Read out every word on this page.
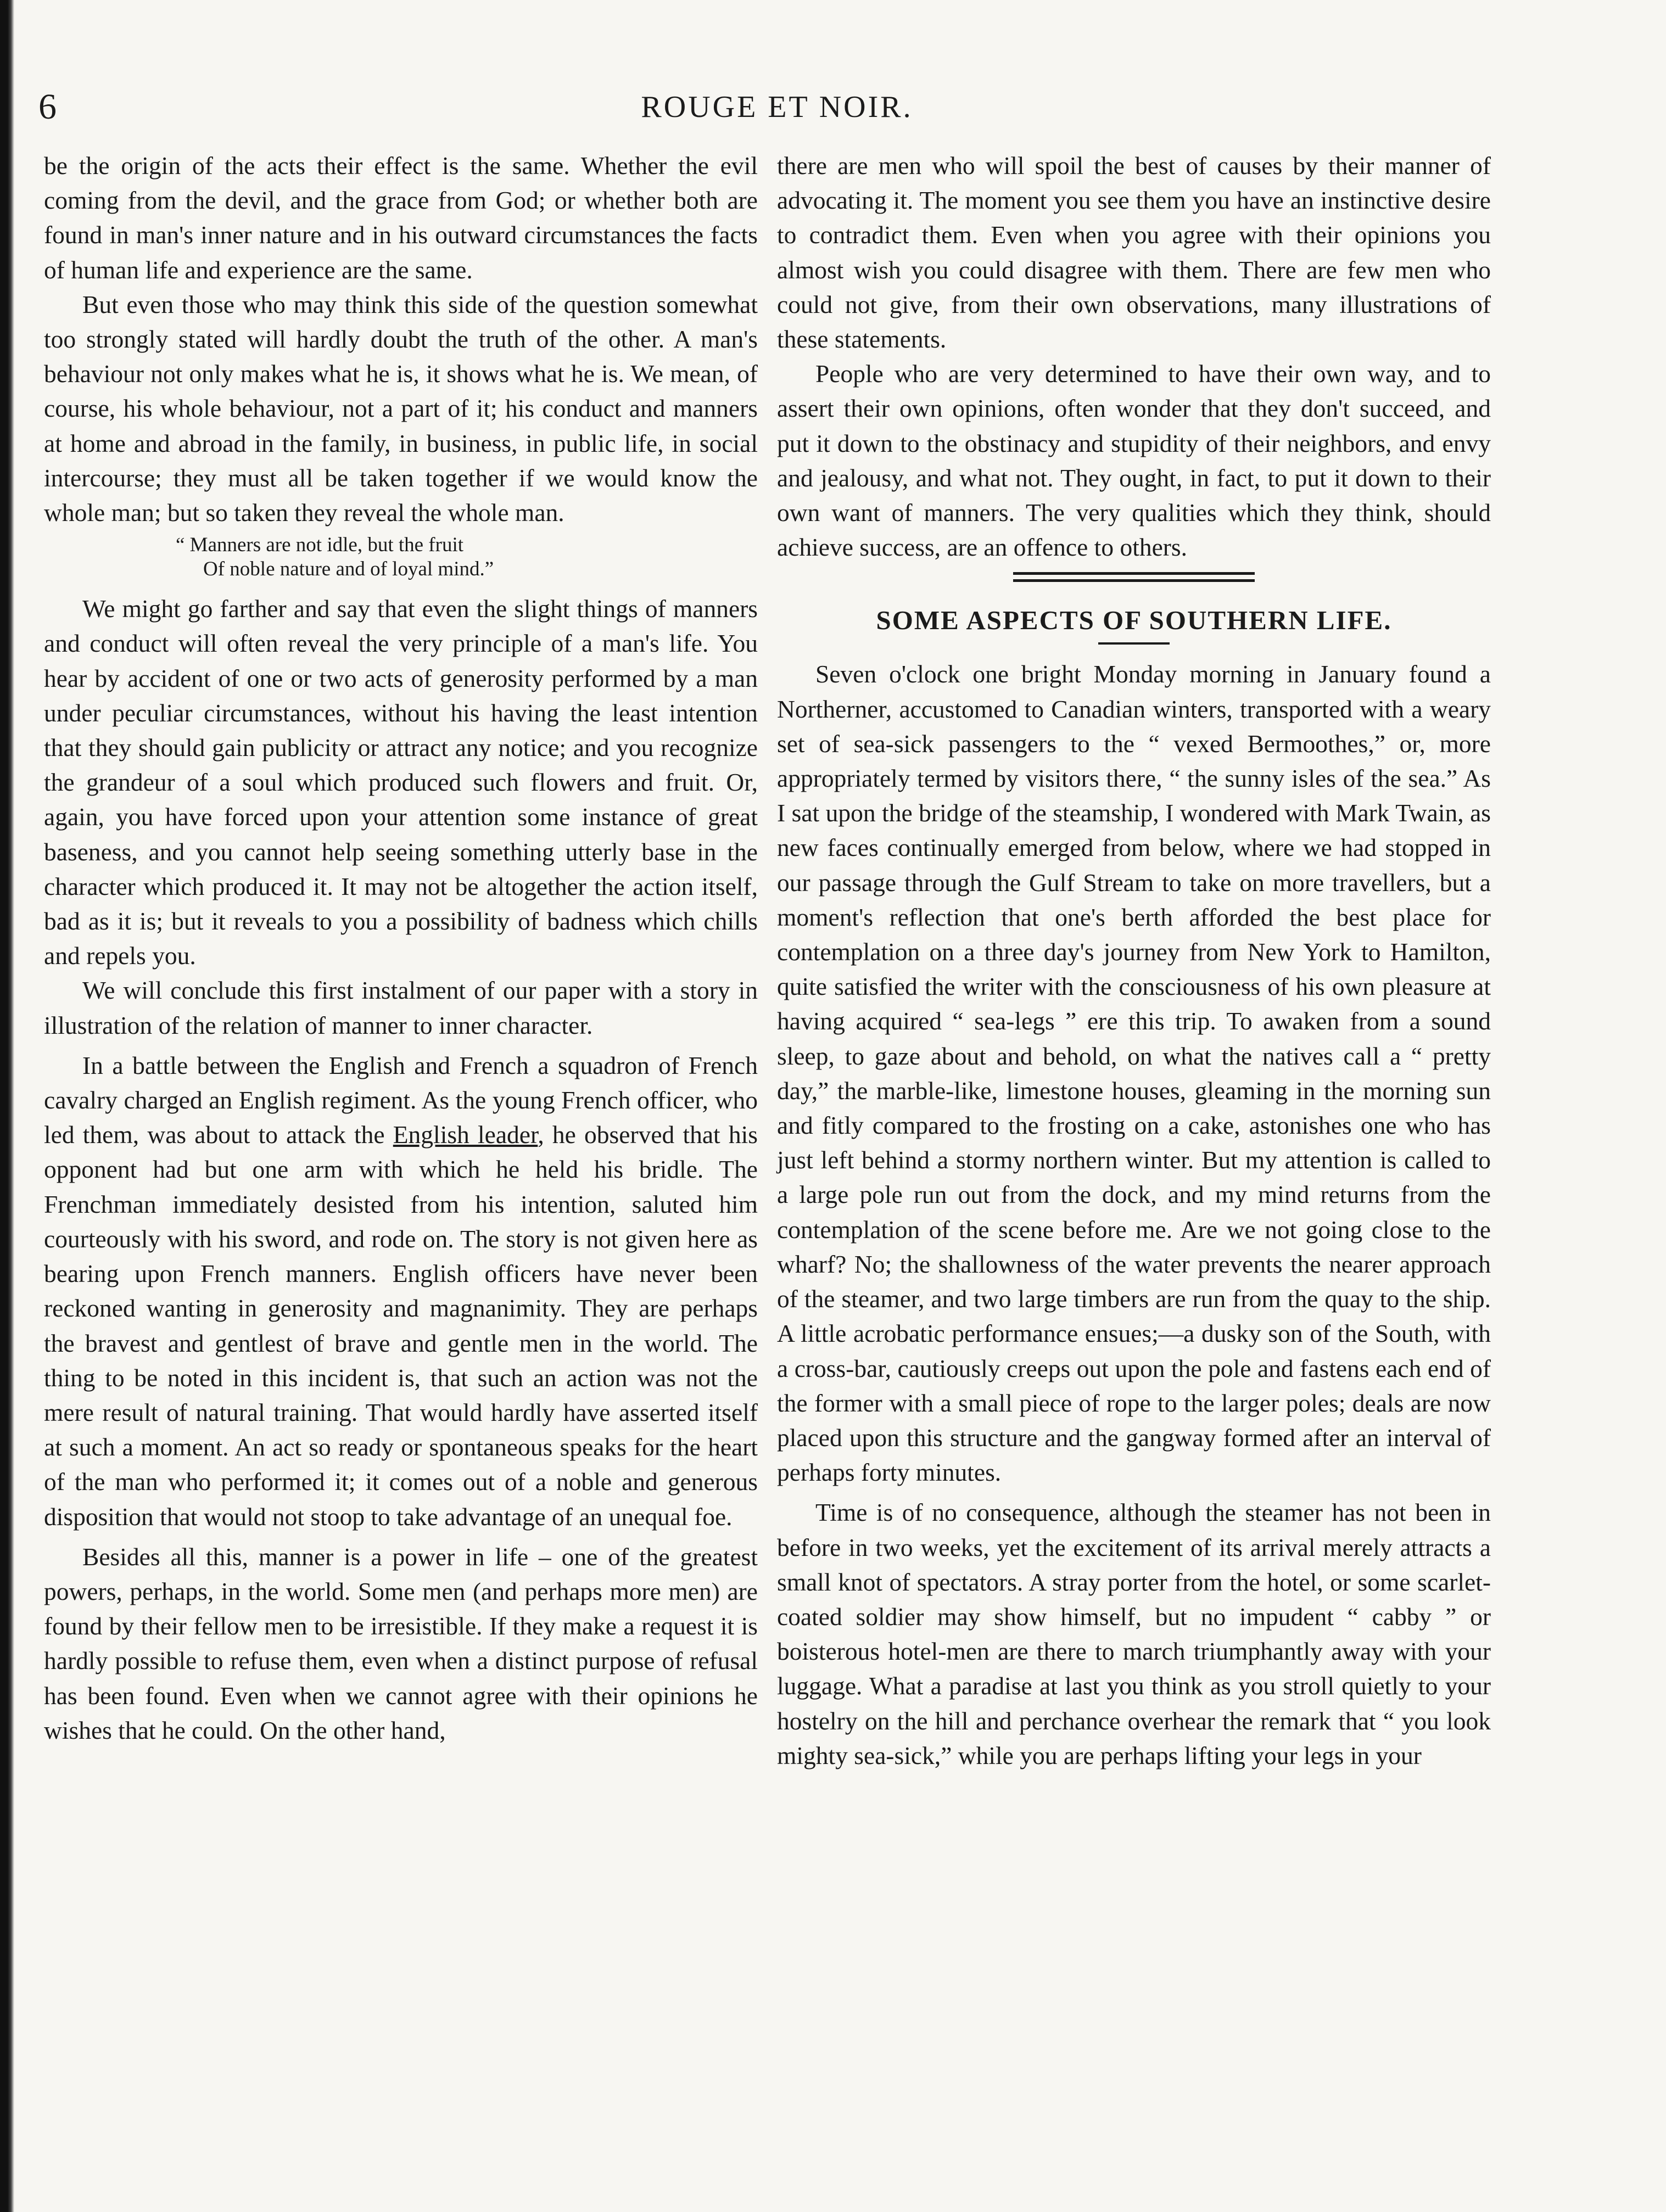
6	ROUGE ET NOIR.

be the origin of the acts their effect is the same. Whether the evil coming from the devil, and the grace from God; or whether both are found in man's inner nature and in his outward circumstances the facts of human life and experience are the same.

But even those who may think this side of the question somewhat too strongly stated will hardly doubt the truth of the other. A man's behaviour not only makes what he is, it shows what he is. We mean, of course, his whole behaviour, not a part of it; his conduct and manners at home and abroad in the family, in business, in public life, in social intercourse; they must all be taken together if we would know the whole man; but so taken they reveal the whole man.

“ Manners are not idle, but the fruit
Of noble nature and of loyal mind.”

We might go farther and say that even the slight things of manners and conduct will often reveal the very principle of a man's life. You hear by accident of one or two acts of generosity performed by a man under peculiar circumstances, without his having the least intention that they should gain publicity or attract any notice; and you recognize the grandeur of a soul which produced such flowers and fruit. Or, again, you have forced upon your attention some instance of great baseness, and you cannot help seeing something utterly base in the character which produced it. It may not be altogether the action itself, bad as it is; but it reveals to you a possibility of badness which chills and repels you.

We will conclude this first instalment of our paper with a story in illustration of the relation of manner to inner character.

In a battle between the English and French a squadron of French cavalry charged an English regiment. As the young French officer, who led them, was about to attack the English leader, he observed that his opponent had but one arm with which he held his bridle. The Frenchman immediately desisted from his intention, saluted him courteously with his sword, and rode on. The story is not given here as bearing upon French manners. English officers have never been reckoned wanting in generosity and magnanimity. They are perhaps the bravest and gentlest of brave and gentle men in the world. The thing to be noted in this incident is, that such an action was not the mere result of natural training. That would hardly have asserted itself at such a moment. An act so ready or spontaneous speaks for the heart of the man who performed it; it comes out of a noble and generous disposition that would not stoop to take advantage of an unequal foe.

Besides all this, manner is a power in life – one of the greatest powers, perhaps, in the world. Some men (and perhaps more men) are found by their fellow men to be irresistible. If they make a request it is hardly possible to refuse them, even when a distinct purpose of refusal has been found. Even when we cannot agree with their opinions he wishes that he could. On the other hand,

there are men who will spoil the best of causes by their manner of advocating it. The moment you see them you have an instinctive desire to contradict them. Even when you agree with their opinions you almost wish you could disagree with them. There are few men who could not give, from their own observations, many illustrations of these statements.

People who are very determined to have their own way, and to assert their own opinions, often wonder that they don't succeed, and put it down to the obstinacy and stupidity of their neighbors, and envy and jealousy, and what not. They ought, in fact, to put it down to their own want of manners. The very qualities which they think, should achieve success, are an offence to others.

SOME ASPECTS OF SOUTHERN LIFE.

Seven o'clock one bright Monday morning in January found a Northerner, accustomed to Canadian winters, transported with a weary set of sea-sick passengers to the “ vexed Bermoothes,” or, more appropriately termed by visitors there, “ the sunny isles of the sea.” As I sat upon the bridge of the steamship, I wondered with Mark Twain, as new faces continually emerged from below, where we had stopped in our passage through the Gulf Stream to take on more travellers, but a moment's reflection that one's berth afforded the best place for contemplation on a three day's journey from New York to Hamilton, quite satisfied the writer with the consciousness of his own pleasure at having acquired “ sea-legs ” ere this trip. To awaken from a sound sleep, to gaze about and behold, on what the natives call a “ pretty day,” the marble-like, limestone houses, gleaming in the morning sun and fitly compared to the frosting on a cake, astonishes one who has just left behind a stormy northern winter. But my attention is called to a large pole run out from the dock, and my mind returns from the contemplation of the scene before me. Are we not going close to the wharf? No; the shallowness of the water prevents the nearer approach of the steamer, and two large timbers are run from the quay to the ship. A little acrobatic performance ensues;—a dusky son of the South, with a cross-bar, cautiously creeps out upon the pole and fastens each end of the former with a small piece of rope to the larger poles; deals are now placed upon this structure and the gangway formed after an interval of perhaps forty minutes.

Time is of no consequence, although the steamer has not been in before in two weeks, yet the excitement of its arrival merely attracts a small knot of spectators. A stray porter from the hotel, or some scarlet-coated soldier may show himself, but no impudent “ cabby ” or boisterous hotel-men are there to march triumphantly away with your luggage. What a paradise at last you think as you stroll quietly to your hostelry on the hill and perchance overhear the remark that “ you look mighty sea-sick,” while you are perhaps lifting your legs in your
